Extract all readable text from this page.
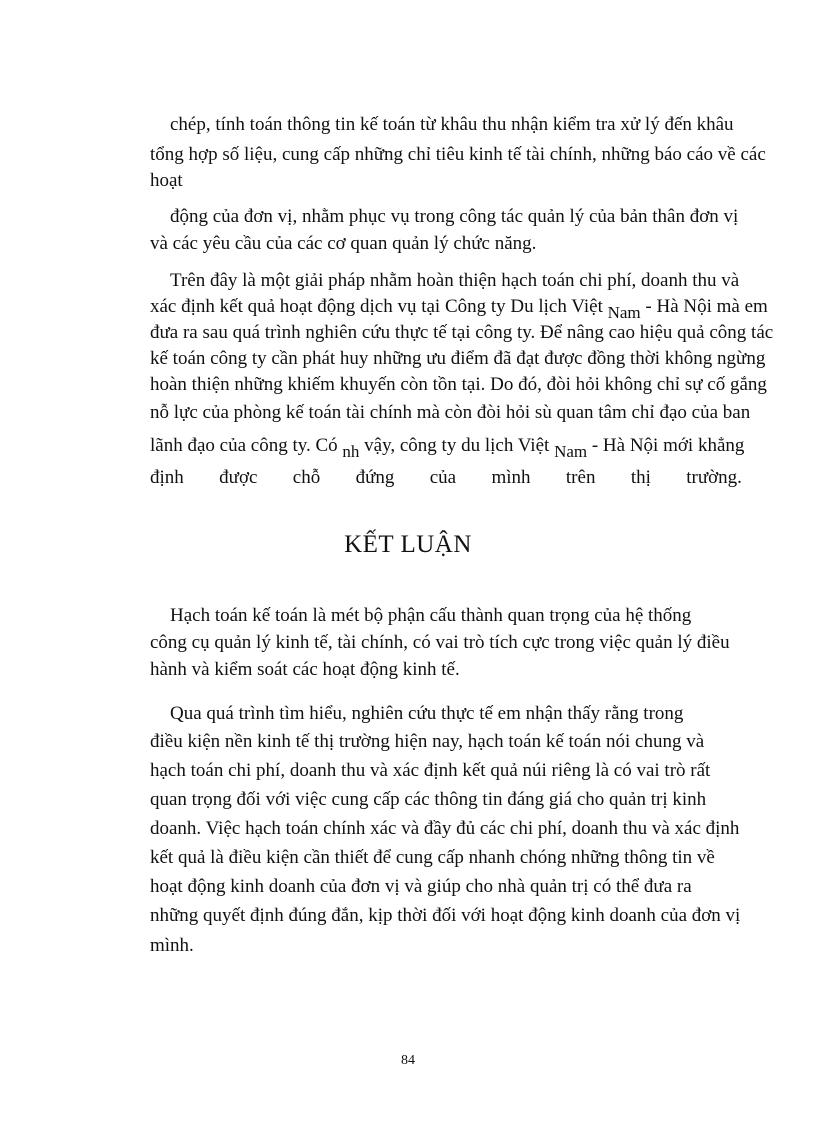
chép, tính toán thông tin kế toán từ khâu thu nhận kiểm tra xử lý đến khâu
tổng hợp số liệu, cung cấp những chỉ tiêu kinh tế tài chính, những báo cáo về các
hoạt
động của đơn vị, nhằm phục vụ trong công tác quản lý của bản thân đơn vị
và các yêu cầu của các cơ quan quản lý chức năng.
Trên đây là một giải pháp nhằm hoàn thiện hạch toán chi phí, doanh thu và
xác định kết quả hoạt động dịch vụ tại Công ty Du lịch Việt Nam - Hà Nội mà em
đưa ra sau quá trình nghiên cứu thực tế tại công ty. Để nâng cao hiệu quả công tác
kế toán công ty cần phát huy những ưu điểm đã đạt được đồng thời không ngừng
hoàn thiện những khiếm khuyến còn tồn tại. Do đó, đòi hỏi không chỉ sự cố gắng
nỗ lực của phòng kế toán tài chính mà còn đòi hỏi sù quan tâm chỉ đạo của ban
lãnh đạo của công ty. Có nh vậy, công ty du lịch Việt Nam - Hà Nội mới khẳng
định được chỗ đứng của mình trên thị trường.
KẾT LUẬN
Hạch toán kế toán là mét bộ phận cấu thành quan trọng của hệ thống
công cụ quản lý kinh tế, tài chính, có vai trò tích cực trong việc quản lý điều
hành và kiểm soát các hoạt động kinh tế.
Qua quá trình tìm hiểu, nghiên cứu thực tế em nhận thấy rằng trong
điều kiện nền kinh tế thị trường hiện nay, hạch toán kế toán nói chung và
hạch toán chi phí, doanh thu và xác định kết quả núi riêng là có vai trò rất
quan trọng đối với việc cung cấp các thông tin đáng giá cho quản trị kinh
doanh. Việc hạch toán chính xác và đầy đủ các chi phí, doanh thu và xác định
kết quả là điều kiện cần thiết để cung cấp nhanh chóng những thông tin về
hoạt động kinh doanh của đơn vị và giúp cho nhà quản trị có thể đưa ra
những quyết định đúng đắn, kịp thời đối với hoạt động kinh doanh của đơn vị
mình.
84
